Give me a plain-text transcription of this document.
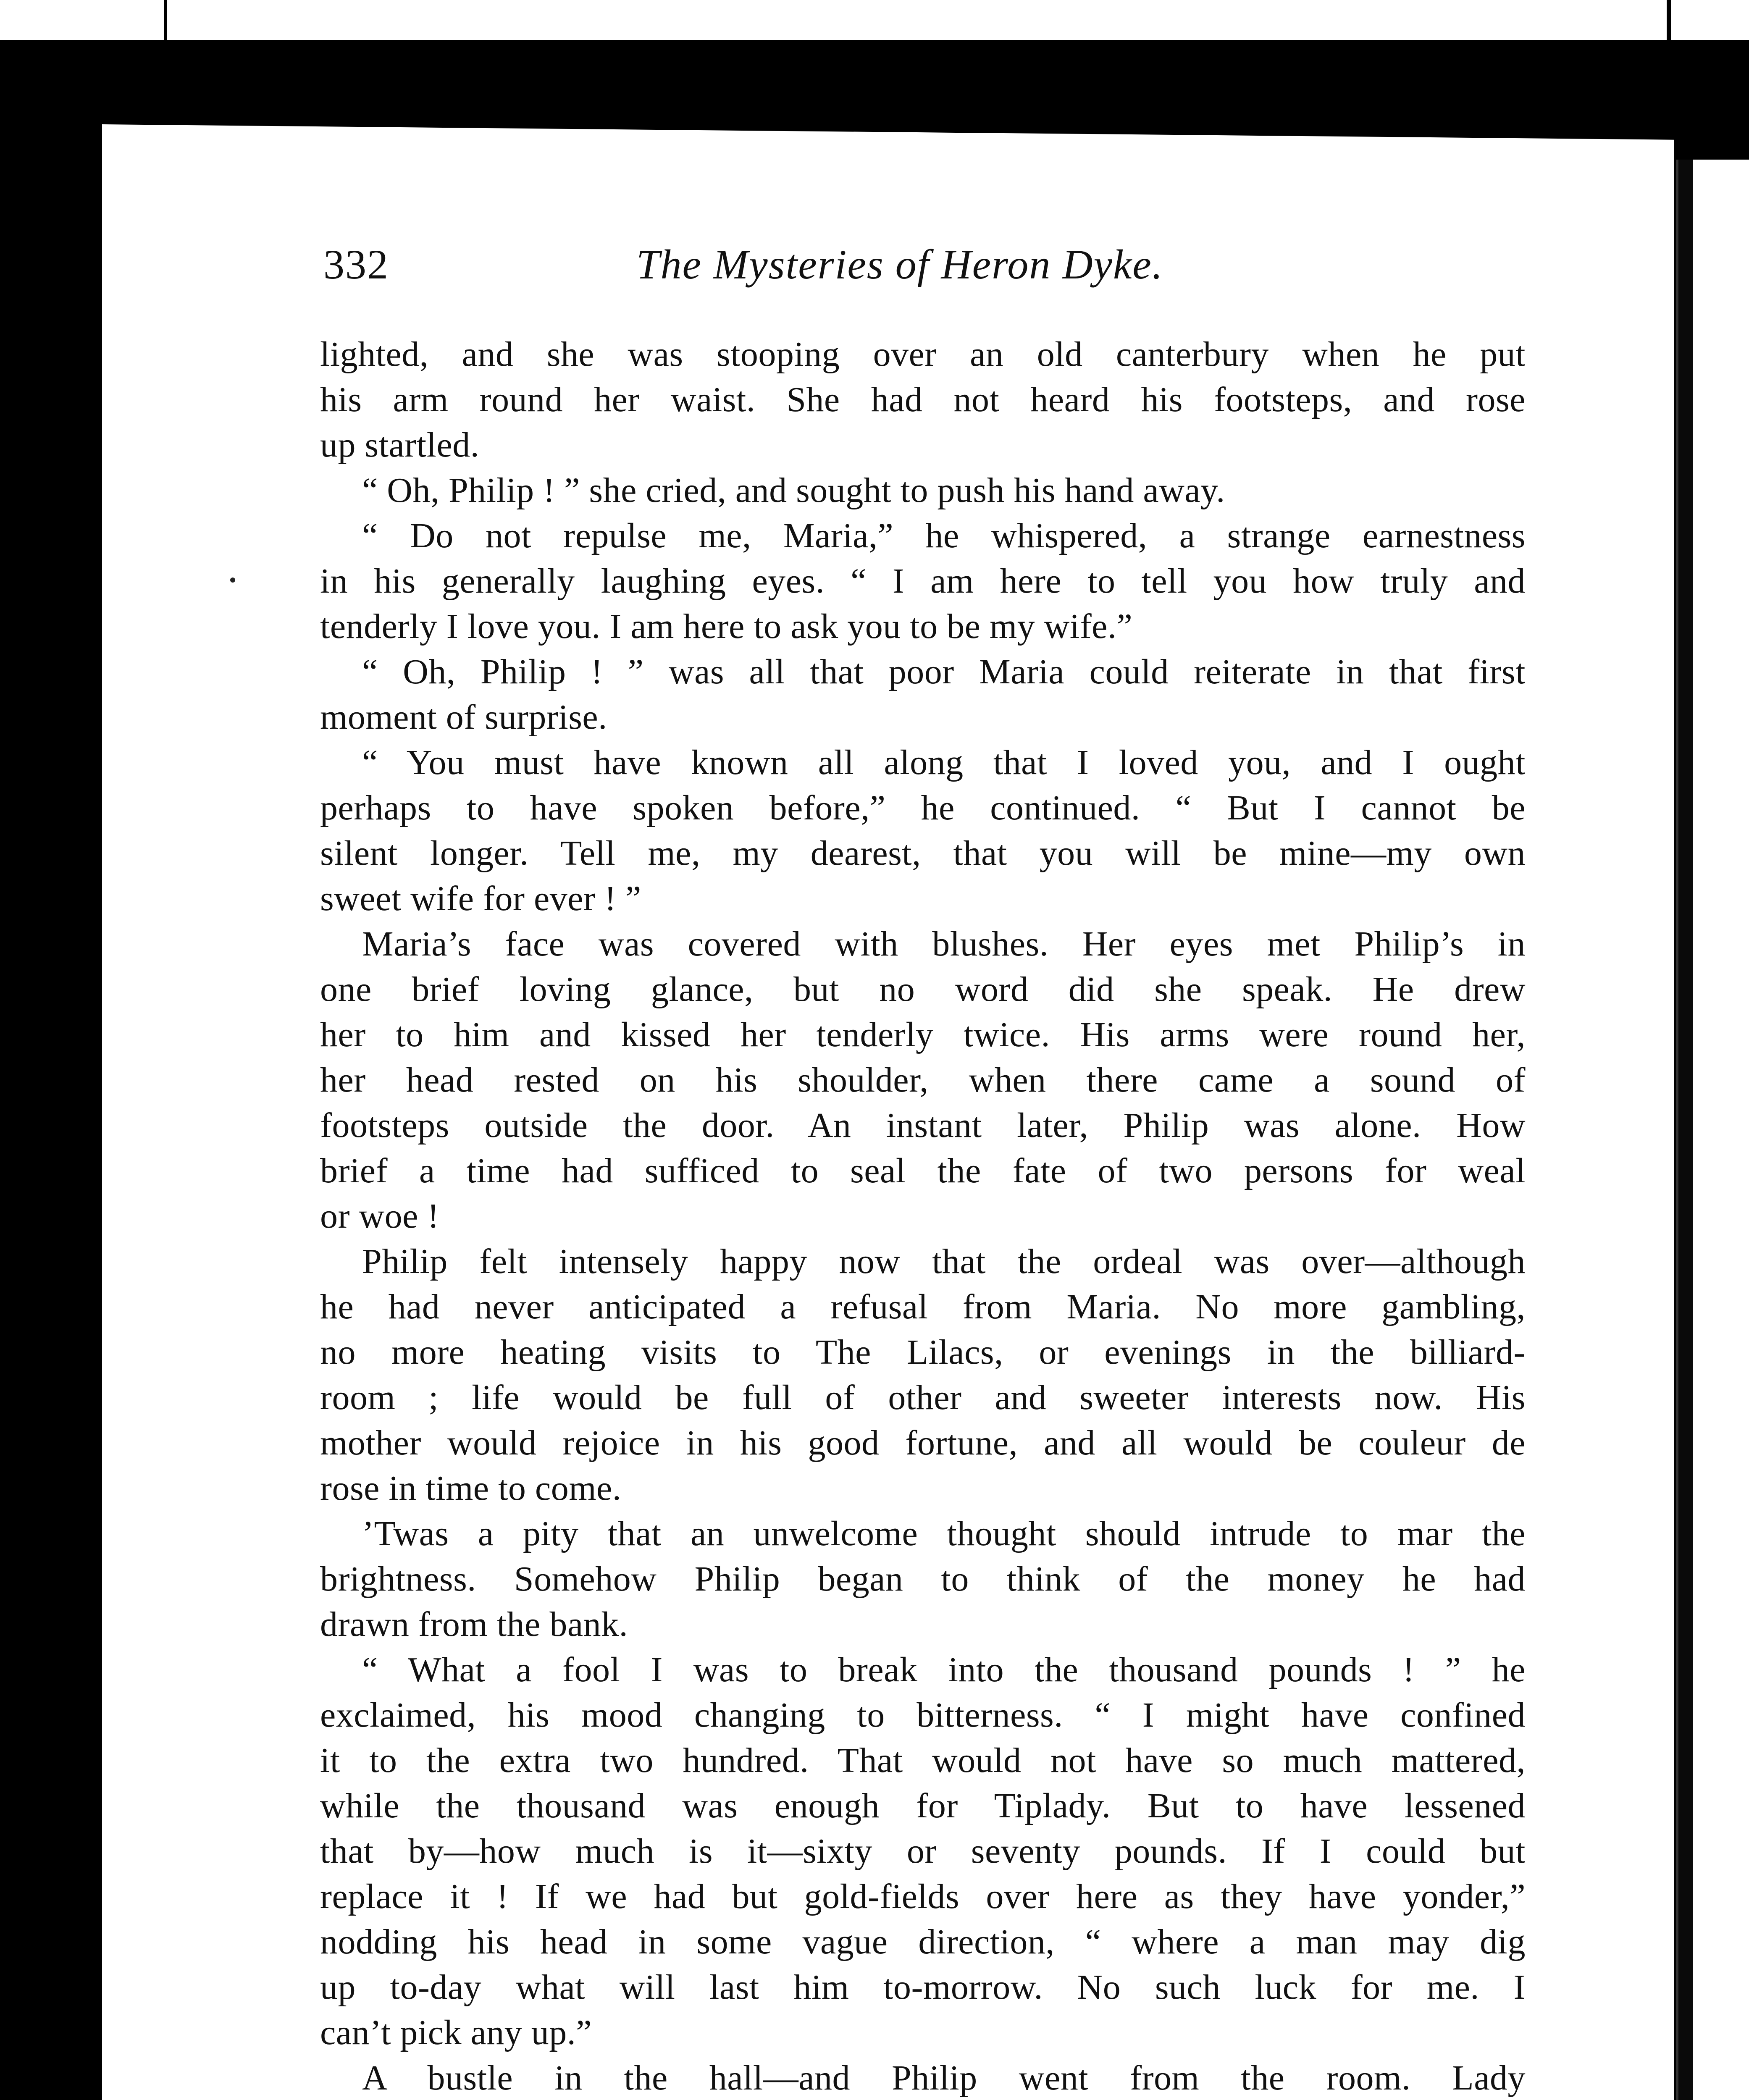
332	The Mysteries of Heron Dyke.
lighted, and she was stooping over an old canterbury when he put
his arm round her waist. She had not heard his footsteps, and rose
up startled.
“ Oh, Philip ! ” she cried, and sought to push his hand away.
“ Do not repulse me, Maria,” he whispered, a strange earnestness
in his generally laughing eyes. “ I am here to tell you how truly and
tenderly I love you. I am here to ask you to be my wife.”
“ Oh, Philip ! ” was all that poor Maria could reiterate in that first
moment of surprise.
“ You must have known all along that I loved you, and I ought
perhaps to have spoken before,” he continued. “ But I cannot be
silent longer. Tell me, my dearest, that you will be mine—my own
sweet wife for ever ! ”
Maria’s face was covered with blushes. Her eyes met Philip’s in
one brief loving glance, but no word did she speak. He drew
her to him and kissed her tenderly twice. His arms were round her,
her head rested on his shoulder, when there came a sound of
footsteps outside the door. An instant later, Philip was alone. How
brief a time had sufficed to seal the fate of two persons for weal
or woe !
Philip felt intensely happy now that the ordeal was over—although
he had never anticipated a refusal from Maria. No more gambling,
no more heating visits to The Lilacs, or evenings in the billiard-
room ; life would be full of other and sweeter interests now. His
mother would rejoice in his good fortune, and all would be couleur de
rose in time to come.
’Twas a pity that an unwelcome thought should intrude to mar the
brightness. Somehow Philip began to think of the money he had
drawn from the bank.
“ What a fool I was to break into the thousand pounds ! ” he
exclaimed, his mood changing to bitterness. “ I might have confined
it to the extra two hundred. That would not have so much mattered,
while the thousand was enough for Tiplady. But to have lessened
that by—how much is it—sixty or seventy pounds. If I could but
replace it ! If we had but gold-fields over here as they have yonder,”
nodding his head in some vague direction, “ where a man may dig
up to-day what will last him to-morrow. No such luck for me. I
can’t pick any up.”
A bustle in the hall—and Philip went from the room. Lady
